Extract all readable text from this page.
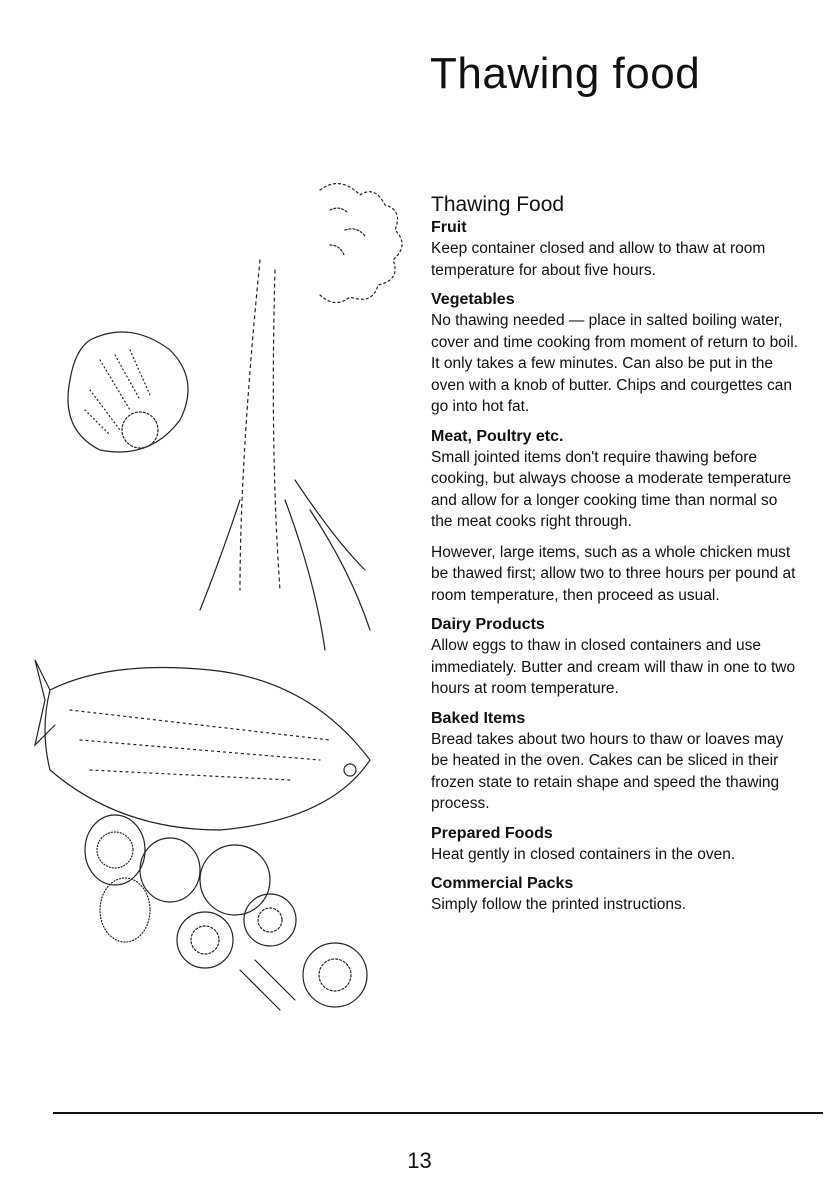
Thawing food
Thawing Food
Fruit

Keep container closed and allow to thaw at room temperature for about five hours.

Vegetables

No thawing needed — place in salted boiling water, cover and time cooking from moment of return to boil. It only takes a few minutes. Can also be put in the oven with a knob of butter. Chips and courgettes can go into hot fat.

Meat, Poultry etc.

Small jointed items don't require thawing before cooking, but always choose a moderate temperature and allow for a longer cooking time than normal so the meat cooks right through.

However, large items, such as a whole chicken must be thawed first; allow two to three hours per pound at room temperature, then proceed as usual.

Dairy Products

Allow eggs to thaw in closed containers and use immediately. Butter and cream will thaw in one to two hours at room temperature.

Baked Items

Bread takes about two hours to thaw or loaves may be heated in the oven. Cakes can be sliced in their frozen state to retain shape and speed the thawing process.

Prepared Foods

Heat gently in closed containers in the oven.

Commercial Packs

Simply follow the printed instructions.

13
